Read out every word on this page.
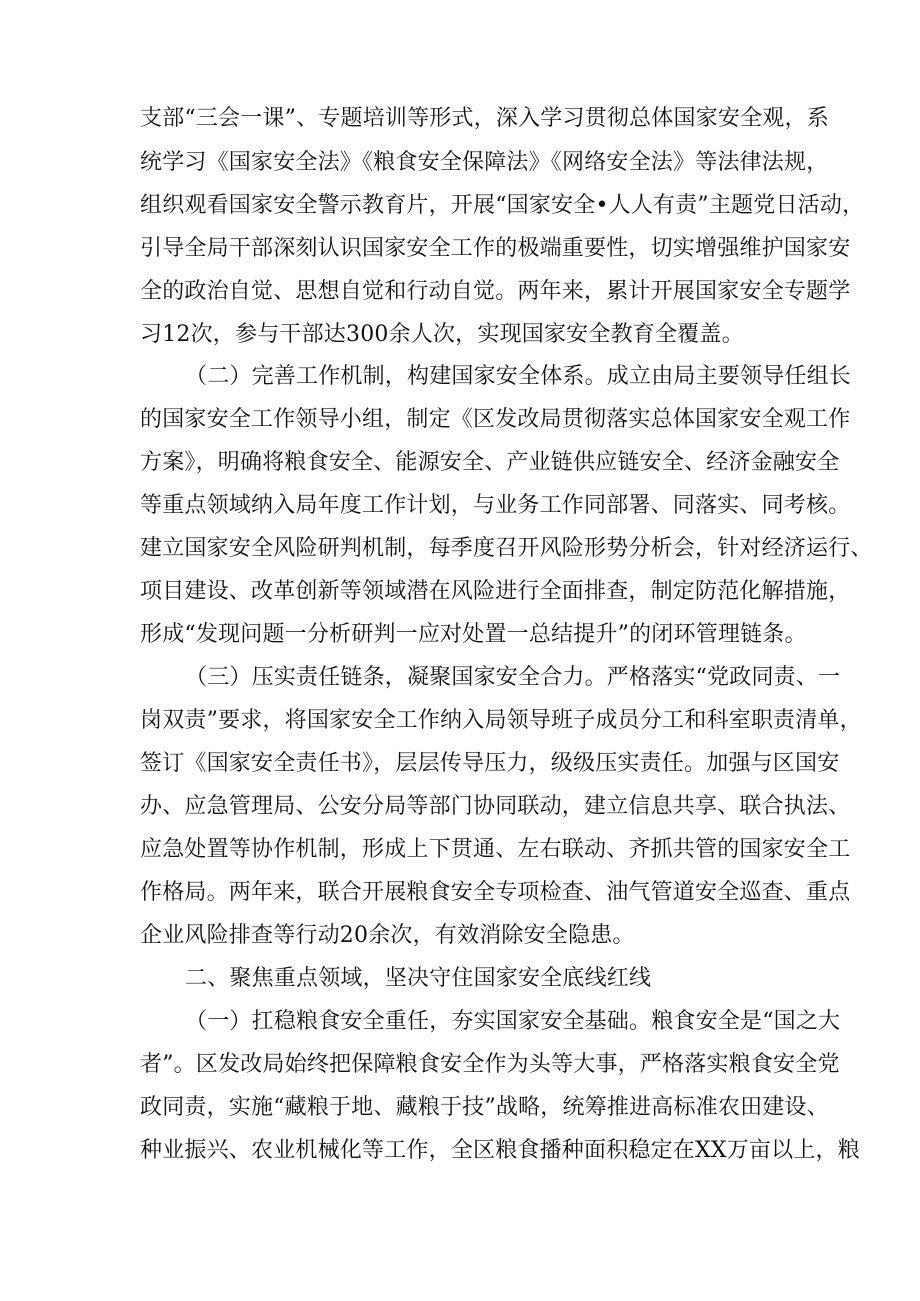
支部“三会一课”、专题培训等形式，深入学习贯彻总体国家安全观，系
统学习《国家安全法》《粮食安全保障法》《网络安全法》等法律法规，
组织观看国家安全警示教育片，开展“国家安全•人人有责”主题党日活动，
引导全局干部深刻认识国家安全工作的极端重要性，切实增强维护国家安
全的政治自觉、思想自觉和行动自觉。两年来，累计开展国家安全专题学
习12次，参与干部达300余人次，实现国家安全教育全覆盖。
（二）完善工作机制，构建国家安全体系。成立由局主要领导任组长
的国家安全工作领导小组，制定《区发改局贯彻落实总体国家安全观工作
方案》，明确将粮食安全、能源安全、产业链供应链安全、经济金融安全
等重点领域纳入局年度工作计划，与业务工作同部署、同落实、同考核。
建立国家安全风险研判机制，每季度召开风险形势分析会，针对经济运行、
项目建设、改革创新等领域潜在风险进行全面排查，制定防范化解措施，
形成“发现问题一分析研判一应对处置一总结提升”的闭环管理链条。
（三）压实责任链条，凝聚国家安全合力。严格落实“党政同责、一
岗双责”要求，将国家安全工作纳入局领导班子成员分工和科室职责清单，
签订《国家安全责任书》，层层传导压力，级级压实责任。加强与区国安
办、应急管理局、公安分局等部门协同联动，建立信息共享、联合执法、
应急处置等协作机制，形成上下贯通、左右联动、齐抓共管的国家安全工
作格局。两年来，联合开展粮食安全专项检查、油气管道安全巡查、重点
企业风险排查等行动20余次，有效消除安全隐患。
二、聚焦重点领域，坚决守住国家安全底线红线
（一）扛稳粮食安全重任，夯实国家安全基础。粮食安全是“国之大
者”。区发改局始终把保障粮食安全作为头等大事，严格落实粮食安全党
政同责，实施“藏粮于地、藏粮于技”战略，统筹推进高标准农田建设、
种业振兴、农业机械化等工作，全区粮食播种面积稳定在XX万亩以上，粮
